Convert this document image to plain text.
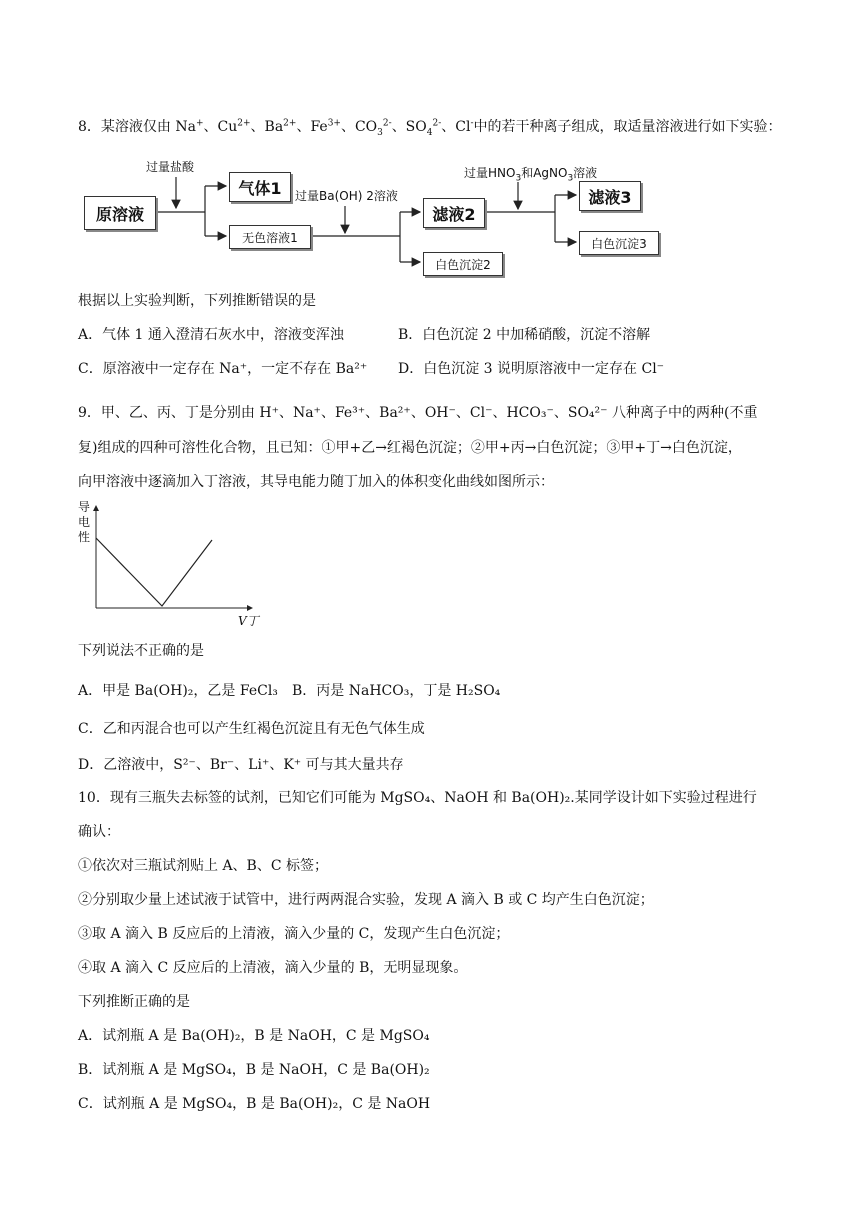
8．某溶液仅由 Na+、$Cu^{2+}$、$Ba^{2+}$、$Fe^{3+}$、$CO_3^{2-}$、$SO_4^{2-}$、Cl-中的若干种离子组成，取适量溶液进行如下实验：
原溶液
过量盐酸
气体1
无色溶液1
过量Ba(OH) 2溶液
滤液2
白色沉淀2
过量$HNO_3$和AgNO$_3$溶液
滤液3
白色沉淀3
根据以上实验判断，下列推断错误的是
A．气体 1 通入澄清石灰水中，溶液变浑浊	B．白色沉淀 2 中加稀硝酸，沉淀不溶解
C．原溶液中一定存在 Na⁺，一定不存在 Ba²⁺ D．白色沉淀 3 说明原溶液中一定存在 Cl⁻
9．甲、乙、丙、丁是分别由 H⁺、Na⁺、Fe³⁺、Ba²⁺、OH⁻、Cl⁻、HCO₃⁻、SO₄²⁻ 八种离子中的两种(不重
复)组成的四种可溶性化合物，且已知：①甲+乙→红褐色沉淀；②甲+丙→白色沉淀；③甲+丁→白色沉淀，
向甲溶液中逐滴加入丁溶液，其导电能力随丁加入的体积变化曲线如图所示：
导电性
V丁
下列说法不正确的是
A．甲是 Ba(OH)₂，乙是 FeCl₃ B．丙是 NaHCO₃，丁是 H₂SO₄
C．乙和丙混合也可以产生红褐色沉淀且有无色气体生成
D．乙溶液中，S²⁻、Br⁻、Li⁺、K⁺ 可与其大量共存
10．现有三瓶失去标签的试剂，已知它们可能为 MgSO₄、NaOH 和 Ba(OH)₂.某同学设计如下实验过程进行
确认：
①依次对三瓶试剂贴上 A、B、C 标签；
②分别取少量上述试液于试管中，进行两两混合实验，发现 A 滴入 B 或 C 均产生白色沉淀；
③取 A 滴入 B 反应后的上清液，滴入少量的 C，发现产生白色沉淀；
④取 A 滴入 C 反应后的上清液，滴入少量的 B，无明显现象。
下列推断正确的是
A．试剂瓶 A 是 Ba(OH)₂，B 是 NaOH，C 是 MgSO₄
B．试剂瓶 A 是 MgSO₄，B 是 NaOH，C 是 Ba(OH)₂
C．试剂瓶 A 是 MgSO₄，B 是 Ba(OH)₂，C 是 NaOH
